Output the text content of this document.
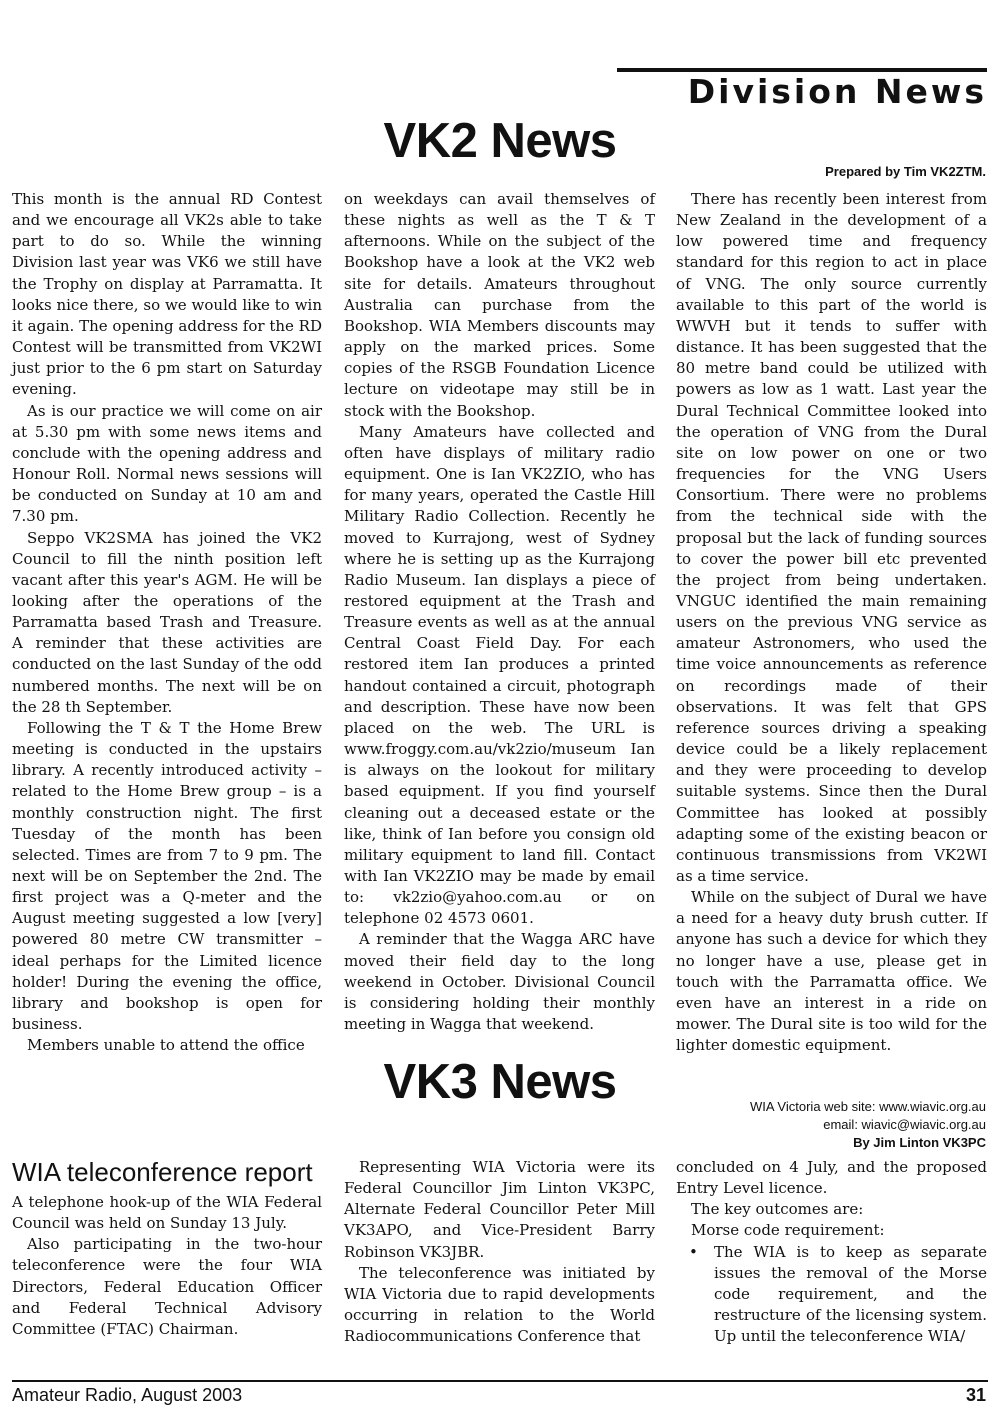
Division News
VK2 News
Prepared by Tim VK2ZTM.

This month is the annual RD Contest and we encourage all VK2s able to take part to do so. While the winning Division last year was VK6 we still have the Trophy on display at Parramatta. It looks nice there, so we would like to win it again. The opening address for the RD Contest will be transmitted from VK2WI just prior to the 6 pm start on Saturday evening.

As is our practice we will come on air at 5.30 pm with some news items and conclude with the opening address and Honour Roll. Normal news sessions will be conducted on Sunday at 10 am and 7.30 pm.

Seppo VK2SMA has joined the VK2 Council to fill the ninth position left vacant after this year's AGM. He will be looking after the operations of the Parramatta based Trash and Treasure. A reminder that these activities are conducted on the last Sunday of the odd numbered months. The next will be on the 28 th September.

Following the T & T the Home Brew meeting is conducted in the upstairs library. A recently introduced activity – related to the Home Brew group – is a monthly construction night. The first Tuesday of the month has been selected. Times are from 7 to 9 pm. The next will be on September the 2nd. The first project was a Q-meter and the August meeting suggested a low [very] powered 80 metre CW transmitter – ideal perhaps for the Limited licence holder! During the evening the office, library and bookshop is open for business.

Members unable to attend the office

on weekdays can avail themselves of these nights as well as the T & T afternoons. While on the subject of the Bookshop have a look at the VK2 web site for details. Amateurs throughout Australia can purchase from the Bookshop. WIA Members discounts may apply on the marked prices. Some copies of the RSGB Foundation Licence lecture on videotape may still be in stock with the Bookshop.

Many Amateurs have collected and often have displays of military radio equipment. One is Ian VK2ZIO, who has for many years, operated the Castle Hill Military Radio Collection. Recently he moved to Kurrajong, west of Sydney where he is setting up as the Kurrajong Radio Museum. Ian displays a piece of restored equipment at the Trash and Treasure events as well as at the annual Central Coast Field Day. For each restored item Ian produces a printed handout contained a circuit, photograph and description. These have now been placed on the web. The URL is www.froggy.com.au/vk2zio/museum Ian is always on the lookout for military based equipment. If you find yourself cleaning out a deceased estate or the like, think of Ian before you consign old military equipment to land fill. Contact with Ian VK2ZIO may be made by email to: vk2zio@yahoo.com.au or on telephone 02 4573 0601.

A reminder that the Wagga ARC have moved their field day to the long weekend in October. Divisional Council is considering holding their monthly meeting in Wagga that weekend.

There has recently been interest from New Zealand in the development of a low powered time and frequency standard for this region to act in place of VNG. The only source currently available to this part of the world is WWVH but it tends to suffer with distance. It has been suggested that the 80 metre band could be utilized with powers as low as 1 watt. Last year the Dural Technical Committee looked into the operation of VNG from the Dural site on low power on one or two frequencies for the VNG Users Consortium. There were no problems from the technical side with the proposal but the lack of funding sources to cover the power bill etc prevented the project from being undertaken. VNGUC identified the main remaining users on the previous VNG service as amateur Astronomers, who used the time voice announcements as reference on recordings made of their observations. It was felt that GPS reference sources driving a speaking device could be a likely replacement and they were proceeding to develop suitable systems. Since then the Dural Committee has looked at possibly adapting some of the existing beacon or continuous transmissions from VK2WI as a time service.

While on the subject of Dural we have a need for a heavy duty brush cutter. If anyone has such a device for which they no longer have a use, please get in touch with the Parramatta office. We even have an interest in a ride on mower. The Dural site is too wild for the lighter domestic equipment.

VK3 News	WIA Victoria web site: www.wiavic.org.au
email: wiavic@wiavic.org.au
By Jim Linton VK3PC
WIA teleconference report

A telephone hook-up of the WIA Federal Council was held on Sunday 13 July.

Also participating in the two-hour teleconference were the four WIA Directors, Federal Education Officer and Federal Technical Advisory Committee (FTAC) Chairman.

Representing WIA Victoria were its Federal Councillor Jim Linton VK3PC, Alternate Federal Councillor Peter Mill VK3APO, and Vice-President Barry Robinson VK3JBR.

The teleconference was initiated by WIA Victoria due to rapid developments occurring in relation to the World Radiocommunications Conference that

concluded on 4 July, and the proposed Entry Level licence.

The key outcomes are:

Morse code requirement:

• The WIA is to keep as separate issues the removal of the Morse code requirement, and the restructure of the licensing system. Up until the teleconference WIA/
Amateur Radio, August 2003	31
